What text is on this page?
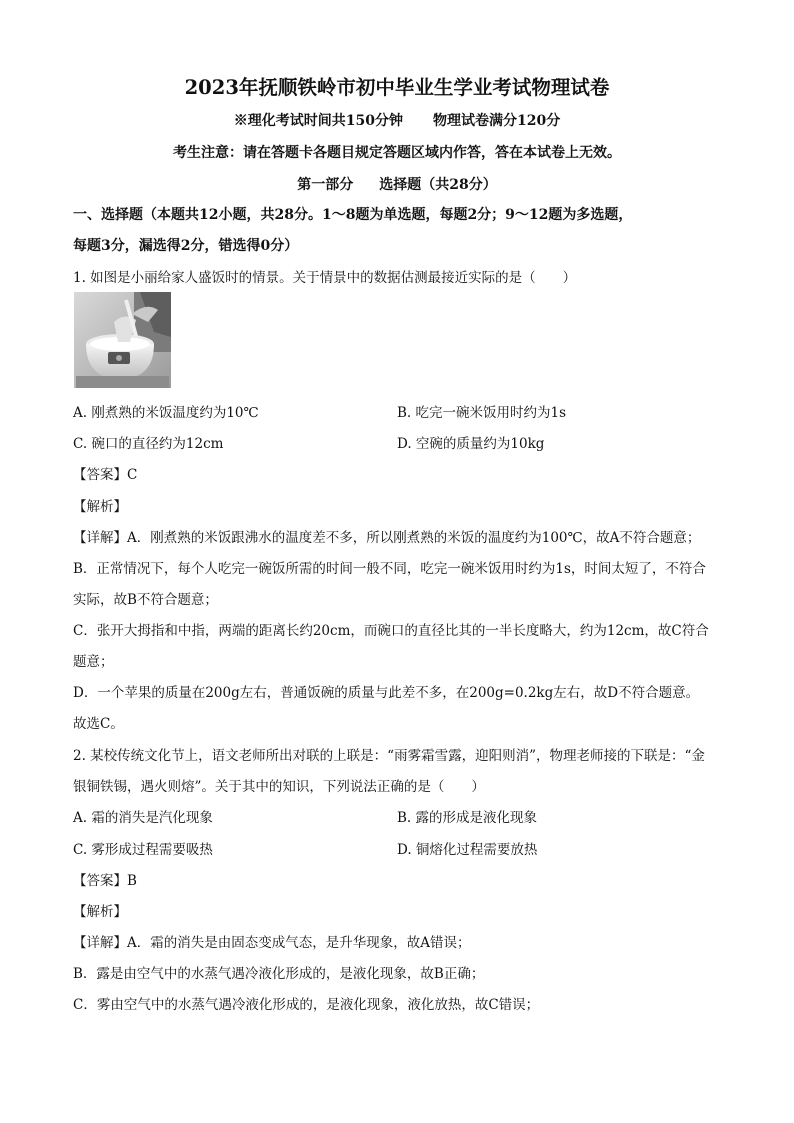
2023年抚顺铁岭市初中毕业生学业考试物理试卷
※理化考试时间共150分钟 物理试卷满分120分
考生注意：请在答题卡各题目规定答题区域内作答，答在本试卷上无效。
第一部分 选择题（共28分）
一、选择题（本题共12小题，共28分。1～8题为单选题，每题2分；9～12题为多选题，
每题3分，漏选得2分，错选得0分）
1. 如图是小丽给家人盛饭时的情景。关于情景中的数据估测最接近实际的是（　　）
A. 刚煮熟的米饭温度约为10℃	B. 吃完一碗米饭用时约为1s
C. 碗口的直径约为12cm	D. 空碗的质量约为10kg
【答案】C
【解析】
【详解】A．刚煮熟的米饭跟沸水的温度差不多，所以刚煮熟的米饭的温度约为100℃，故A不符合题意；
B．正常情况下，每个人吃完一碗饭所需的时间一般不同，吃完一碗米饭用时约为1s，时间太短了，不符合
实际，故B不符合题意；
C．张开大拇指和中指，两端的距离长约20cm，而碗口的直径比其的一半长度略大，约为12cm，故C符合
题意；
D．一个苹果的质量在200g左右，普通饭碗的质量与此差不多，在200g=0.2kg左右，故D不符合题意。
故选C。
2. 某校传统文化节上，语文老师所出对联的上联是：“雨雾霜雪露，迎阳则消”，物理老师接的下联是：“金
银铜铁锡，遇火则熔”。关于其中的知识，下列说法正确的是（　　）
A. 霜的消失是汽化现象	B. 露的形成是液化现象
C. 雾形成过程需要吸热	D. 铜熔化过程需要放热
【答案】B
【解析】
【详解】A．霜的消失是由固态变成气态，是升华现象，故A错误；
B．露是由空气中的水蒸气遇冷液化形成的，是液化现象，故B正确；
C．雾由空气中的水蒸气遇冷液化形成的，是液化现象，液化放热，故C错误；
